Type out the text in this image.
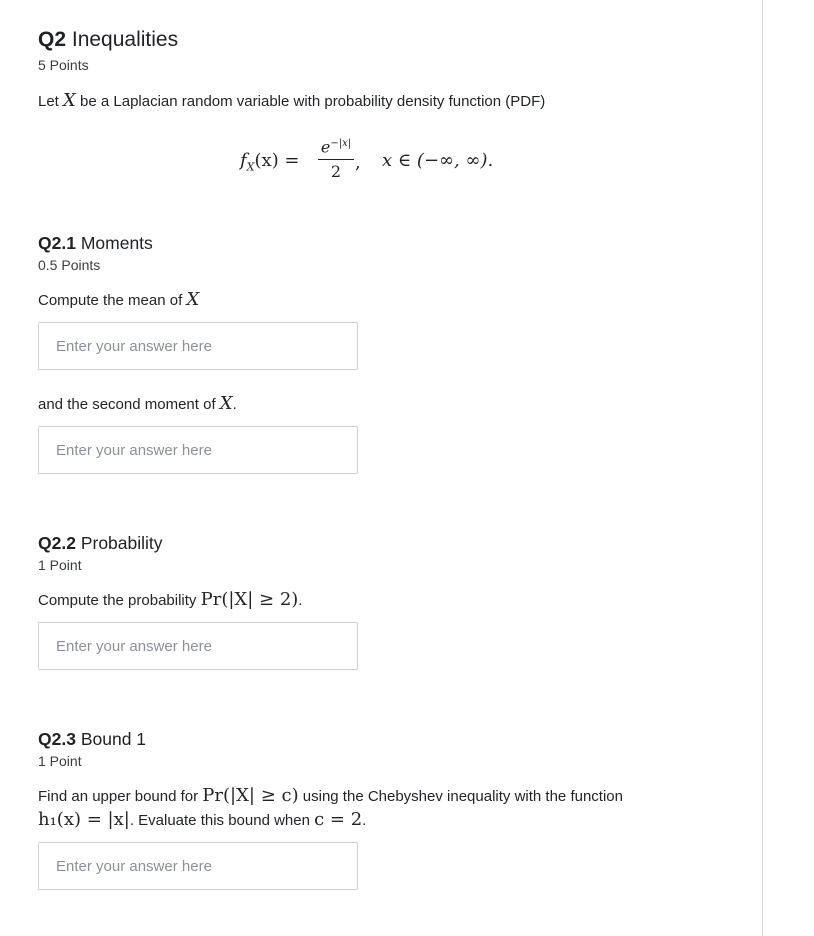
Q2 Inequalities
5 Points
Let X be a Laplacian random variable with probability density function (PDF)
$f_X(x)$ =
$e^{-|x|}$
2 , x ∈ (−∞, ∞).
Q2.1 Moments
0.5 Points
Compute the mean of X
Enter your answer here
and the second moment of X.
Enter your answer here
Q2.2 Probability
1 Point
Compute the probability Pr(|X| ≥ 2).
Enter your answer here
Q2.3 Bound 1
1 Point
Find an upper bound for Pr(|X| ≥ c) using the Chebyshev inequality with the function
h₁(x) = |x|. Evaluate this bound when c = 2.
Enter your answer here
